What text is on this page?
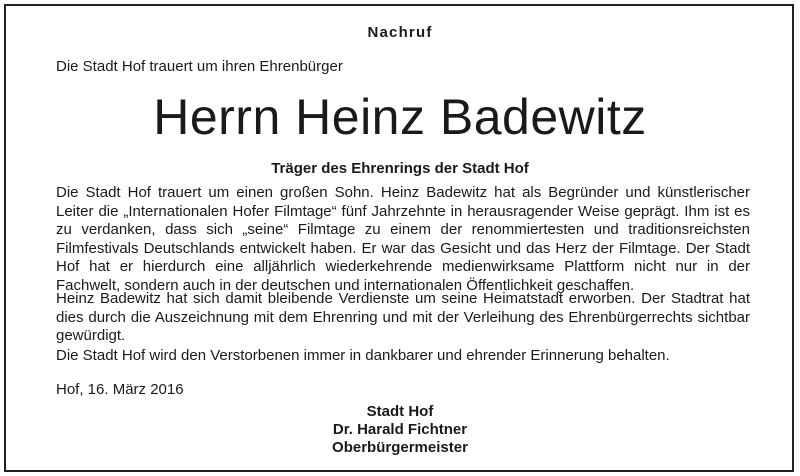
Nachruf
Die Stadt Hof trauert um ihren Ehrenbürger
Herrn Heinz Badewitz
Träger des Ehrenrings der Stadt Hof

Die Stadt Hof trauert um einen großen Sohn. Heinz Badewitz hat als Begründer und künstlerischer Leiter die „Internationalen Hofer Filmtage“ fünf Jahrzehnte in herausragender Weise geprägt. Ihm ist es zu verdanken, dass sich „seine“ Filmtage zu einem der renommiertesten und traditionsreichsten Filmfestivals Deutschlands entwickelt haben. Er war das Gesicht und das Herz der Filmtage. Der Stadt Hof hat er hierdurch eine alljährlich wiederkehrende medienwirksame Plattform nicht nur in der Fachwelt, sondern auch in der deutschen und internationalen Öffentlichkeit geschaffen.

Heinz Badewitz hat sich damit bleibende Verdienste um seine Heimatstadt erworben. Der Stadtrat hat dies durch die Auszeichnung mit dem Ehrenring und mit der Verleihung des Ehrenbürgerrechts sichtbar gewürdigt.

Die Stadt Hof wird den Verstorbenen immer in dankbarer und ehrender Erinnerung behalten.

Hof, 16. März 2016
Stadt Hof
Dr. Harald Fichtner
Oberbürgermeister
